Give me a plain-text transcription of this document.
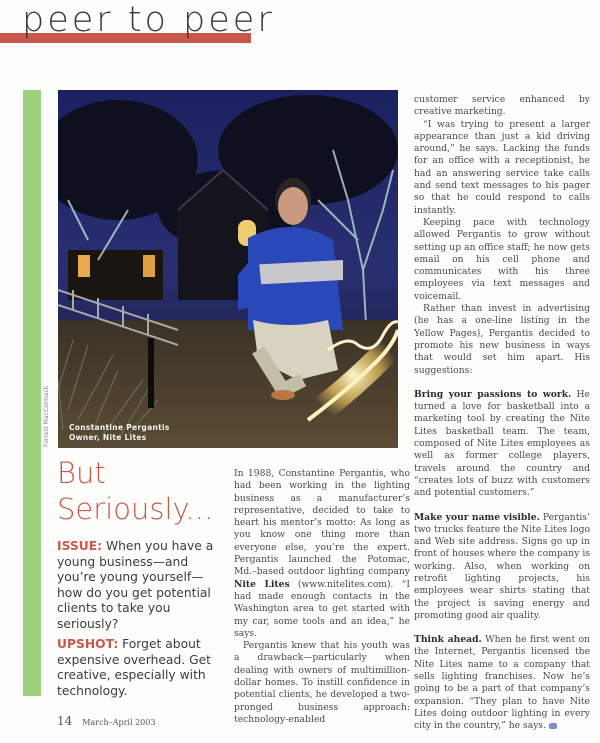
peer to peer
Constantine Pergantis
Owner, Nite Lites
Forrest MacCormack
But Seriously...
ISSUE: When you have a young business—and you’re young yourself—how do you get potential clients to take you seriously?
UPSHOT: Forget about expensive overhead. Get creative, especially with technology.

In 1988, Constantine Pergantis, who had been working in the lighting business as a manufacturer’s representative, decided to take to heart his mentor’s motto: As long as you know one thing more than everyone else, you’re the expert. Pergantis launched the Potomac, Md.–based outdoor lighting company Nite Lites (www.nitelites.com). “I had made enough contacts in the Washington area to get started with my car, some tools and an idea,” he says.

Pergantis knew that his youth was a drawback—particularly when dealing with owners of multimillion-dollar homes. To instill confidence in potential clients, he developed a two-pronged business approach: technology-enabled

customer service enhanced by creative marketing.

“I was trying to present a larger appearance than just a kid driving around,” he says. Lacking the funds for an office with a receptionist, he had an answering service take calls and send text messages to his pager so that he could respond to calls instantly.

Keeping pace with technology allowed Pergantis to grow without setting up an office staff; he now gets email on his cell phone and communicates with his three employees via text messages and voicemail.

Rather than invest in advertising (he has a one-line listing in the Yellow Pages), Pergantis decided to promote his new business in ways that would set him apart. His suggestions:

Bring your passions to work. He turned a love for basketball into a marketing tool by creating the Nite Lites basketball team. The team, composed of Nite Lites employees as well as former college players, travels around the country and “creates lots of buzz with customers and potential customers.”

Make your name visible. Pergantis’ two trucks feature the Nite Lites logo and Web site address. Signs go up in front of houses where the company is working. Also, when working on retrofit lighting projects, his employees wear shirts stating that the project is saving energy and promoting good air quality.

Think ahead. When he first went on the Internet, Pergantis licensed the Nite Lites name to a company that sells lighting franchises. Now he’s going to be a part of that company’s expansion. “They plan to have Nite Lites doing outdoor lighting in every city in the country,” he says.

14 March–April 2003
